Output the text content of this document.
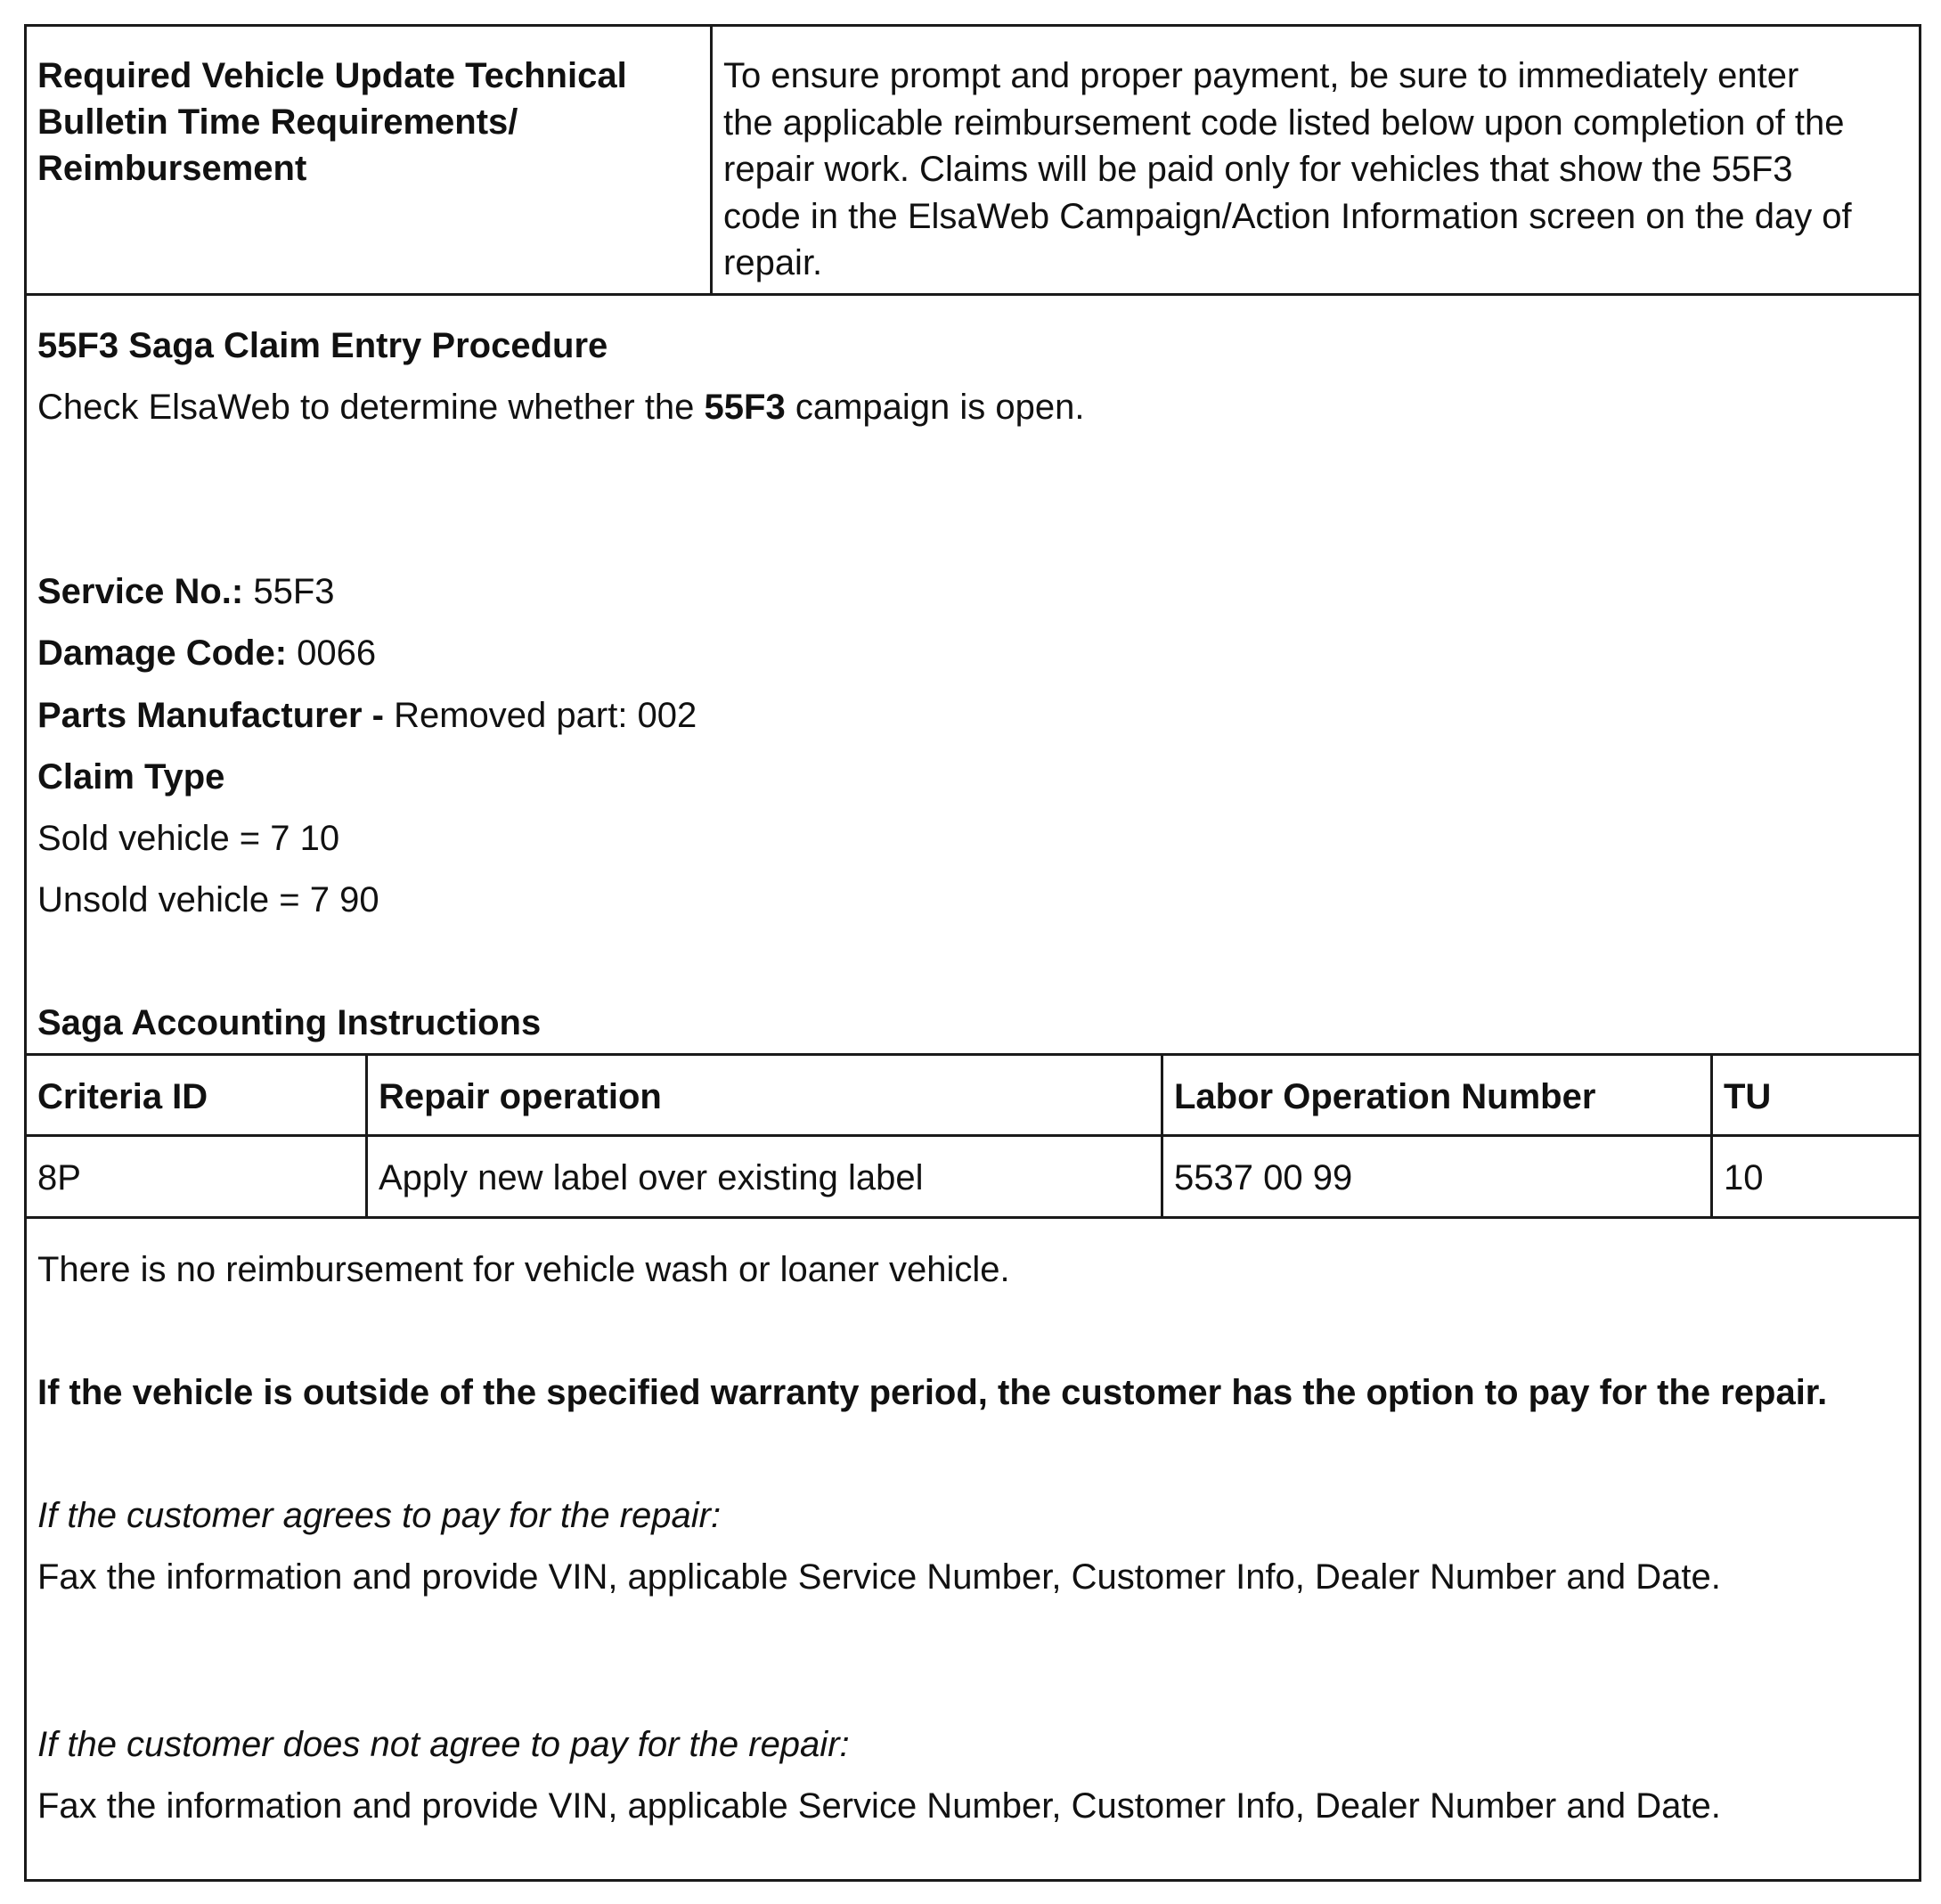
Required Vehicle Update Technical
Bulletin Time Requirements/
Reimbursement
To ensure prompt and proper payment, be sure to immediately enter
the applicable reimbursement code listed below upon completion of the
repair work. Claims will be paid only for vehicles that show the 55F3
code in the ElsaWeb Campaign/Action Information screen on the day of
repair.
55F3 Saga Claim Entry Procedure
Check ElsaWeb to determine whether the 55F3 campaign is open.
Service No.: 55F3
Damage Code: 0066
Parts Manufacturer - Removed part: 002
Claim Type
Sold vehicle = 7 10
Unsold vehicle = 7 90
Saga Accounting Instructions
Criteria ID	Repair operation	Labor Operation Number	TU
8P	Apply new label over existing label	5537 00 99	10
There is no reimbursement for vehicle wash or loaner vehicle.
If the vehicle is outside of the specified warranty period, the customer has the option to pay for the repair.
If the customer agrees to pay for the repair:
Fax the information and provide VIN, applicable Service Number, Customer Info, Dealer Number and Date.
If the customer does not agree to pay for the repair:
Fax the information and provide VIN, applicable Service Number, Customer Info, Dealer Number and Date.
